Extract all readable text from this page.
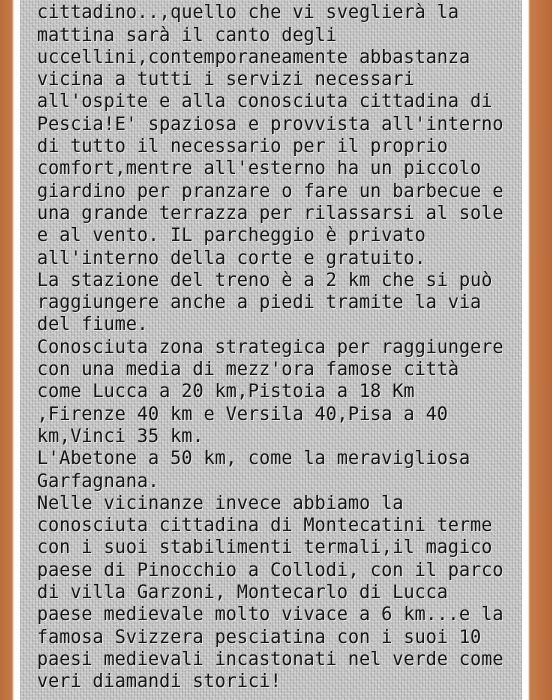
cittadino..,quello che vi sveglierà la
mattina sarà il canto degli
uccellini,contemporaneamente abbastanza
vicina a tutti i servizi necessari
all'ospite e alla conosciuta cittadina di
Pescia!E' spaziosa e provvista all'interno
di tutto il necessario per il proprio
comfort,mentre all'esterno ha un piccolo
giardino per pranzare o fare un barbecue e
una grande terrazza per rilassarsi al sole
e al vento. IL parcheggio è privato
all'interno della corte e gratuito.
La stazione del treno è a 2 km che si può
raggiungere anche a piedi tramite la via
del fiume.
Conosciuta zona strategica per raggiungere
con una media di mezz'ora famose città
come Lucca a 20 km,Pistoia a 18 Km
,Firenze 40 km e Versila 40,Pisa a 40
km,Vinci 35 km.
L'Abetone a 50 km, come la meravigliosa
Garfagnana.
Nelle vicinanze invece abbiamo la
conosciuta cittadina di Montecatini terme
con i suoi stabilimenti termali,il magico
paese di Pinocchio a Collodi, con il parco
di villa Garzoni, Montecarlo di Lucca
paese medievale molto vivace a 6 km...e la
famosa Svizzera pesciatina con i suoi 10
paesi medievali incastonati nel verde come
veri diamandi storici!
